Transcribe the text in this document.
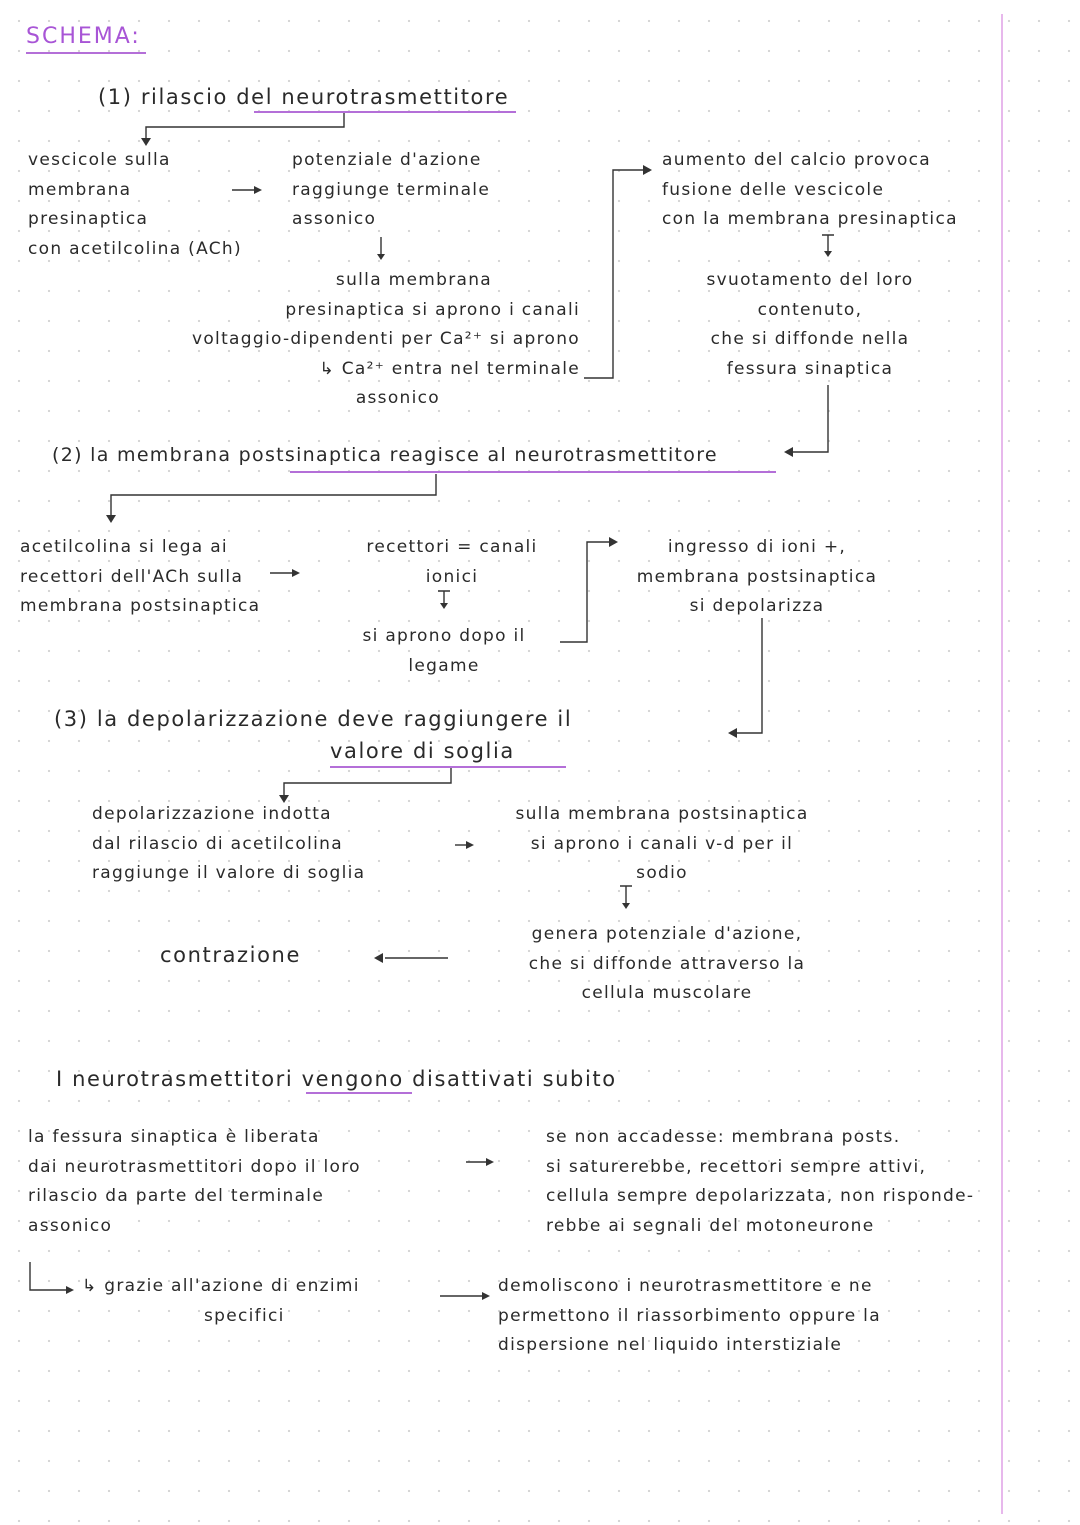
SCHEMA:
(1) rilascio del neurotrasmettitore
vescicole sulla
membrana
presinaptica
con acetilcolina (ACh)
potenziale d'azione
raggiunge terminale
assonico
sulla membrana
presinaptica si aprono i canali
voltaggio-dipendenti per Ca²⁺ si aprono
↳ Ca²⁺ entra nel terminale
assonico
aumento del calcio provoca
fusione delle vescicole
con la membrana presinaptica
svuotamento del loro
contenuto,
che si diffonde nella
fessura sinaptica
(2) la membrana postsinaptica reagisce al neurotrasmettitore
acetilcolina si lega ai
recettori dell'ACh sulla
membrana postsinaptica
recettori = canali
ionici
si aprono dopo il
legame
ingresso di ioni +,
membrana postsinaptica
si depolarizza
(3) la depolarizzazione deve raggiungere il
valore di soglia
depolarizzazione indotta
dal rilascio di acetilcolina
raggiunge il valore di soglia
sulla membrana postsinaptica
si aprono i canali v-d per il
sodio
genera potenziale d'azione,
che si diffonde attraverso la
cellula muscolare
contrazione
I neurotrasmettitori vengono disattivati subito
la fessura sinaptica è liberata
dai neurotrasmettitori dopo il loro
rilascio da parte del terminale
assonico
se non accadesse: membrana posts.
si saturerebbe, recettori sempre attivi,
cellula sempre depolarizzata, non risponde-
rebbe ai segnali del motoneurone
↳ grazie all'azione di enzimi
specifici
demoliscono i neurotrasmettitore e ne
permettono il riassorbimento oppure la
dispersione nel liquido interstiziale
